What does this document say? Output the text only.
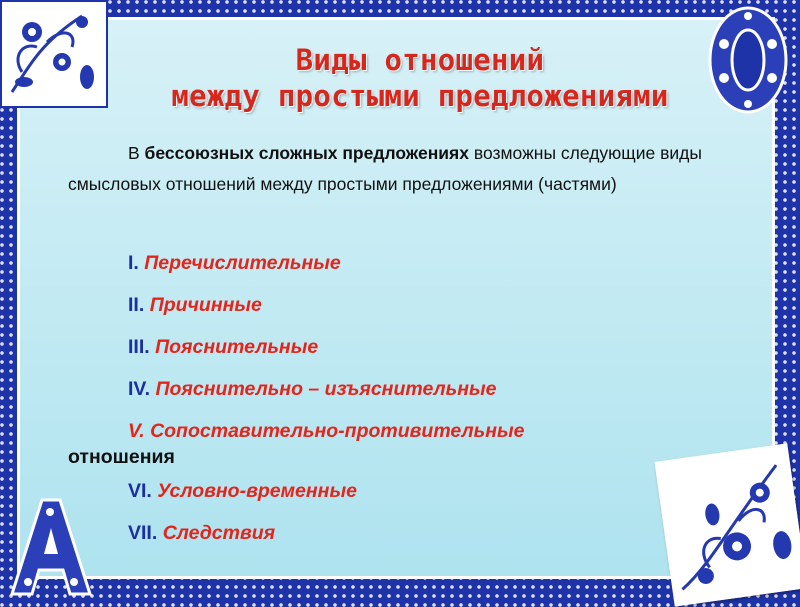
Виды отношений
между простыми предложениями
В бессоюзных сложных предложениях возможны следующие виды смысловых отношений между простыми предложениями (частями)
I. Перечислительные
II. Причинные
III. Пояснительные
IV. Пояснительно – изъяснительные
V. Сопоставительно-противительные
отношения
VI. Условно-временные
VII. Следствия
